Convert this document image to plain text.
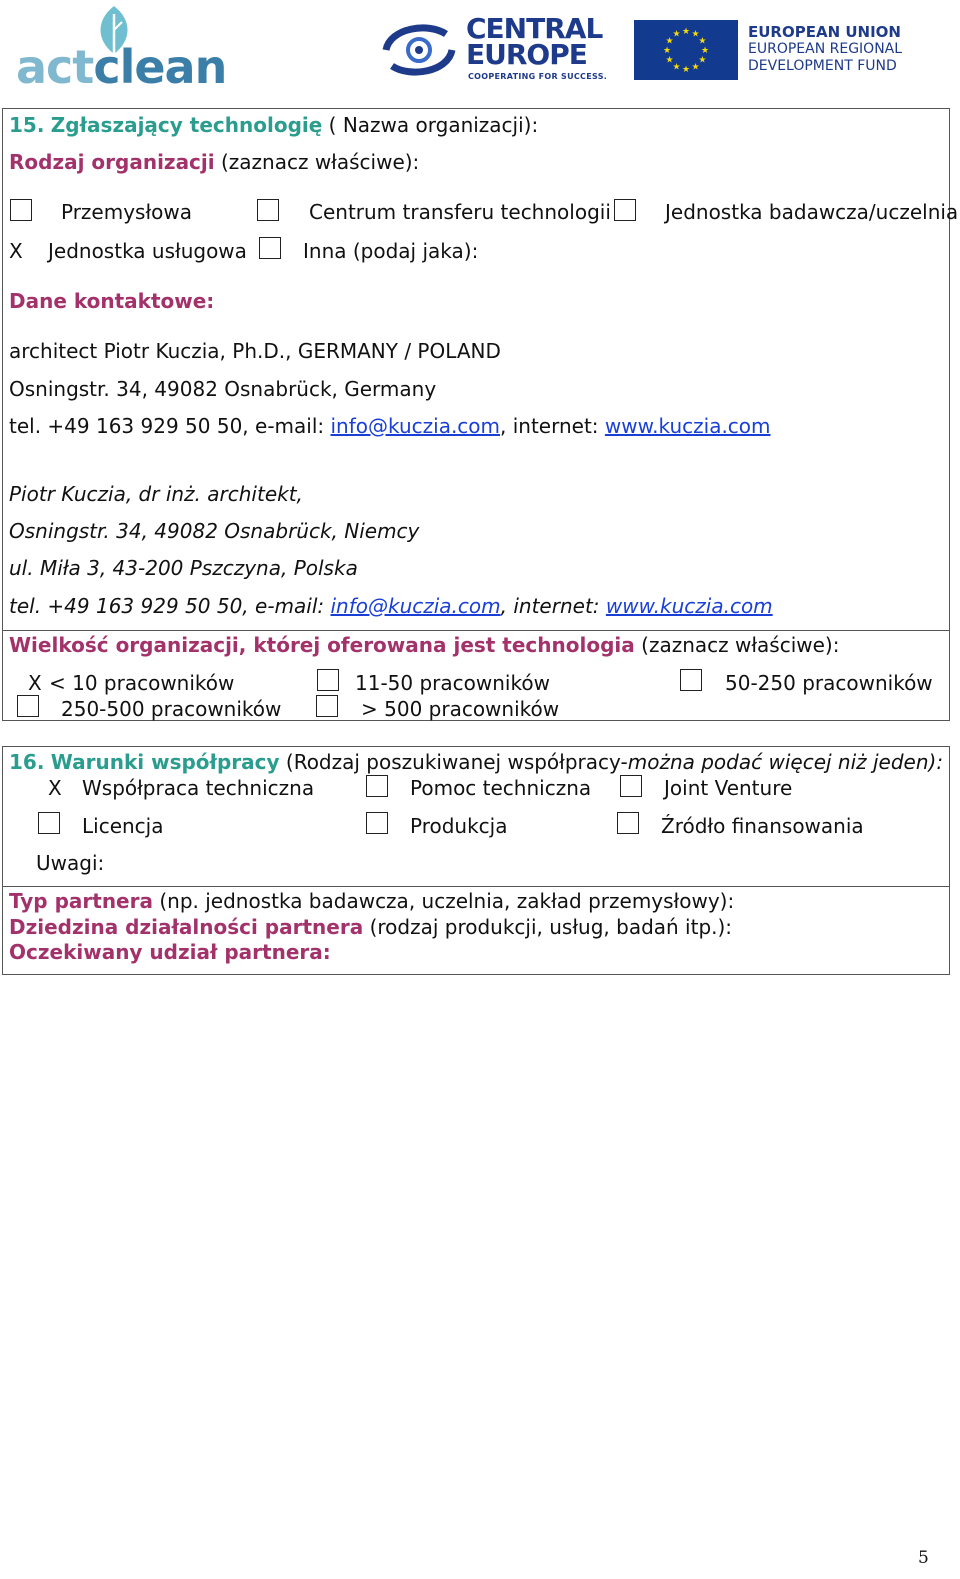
actclean
CENTRAL
EUROPE
COOPERATING FOR SUCCESS.
★
★
★
★
★
★
★
★
★ ★ ★
★
EUROPEAN UNION
EUROPEAN REGIONAL
DEVELOPMENT FUND
15. Zgłaszający technologię ( Nazwa organizacji):
Rodzaj organizacji (zaznacz właściwe):
Przemysłowa	Centrum transferu technologii	Jednostka badawcza/uczelnia
X Jednostka usługowa	Inna (podaj jaka):
Dane kontaktowe:
architect Piotr Kuczia, Ph.D., GERMANY / POLAND
Osningstr. 34, 49082 Osnabrück, Germany
tel. +49 163 929 50 50, e-mail: info@kuczia.com, internet: www.kuczia.com
Piotr Kuczia, dr inż. architekt,
Osningstr. 34, 49082 Osnabrück, Niemcy
ul. Miła 3, 43-200 Pszczyna, Polska
tel. +49 163 929 50 50, e-mail: info@kuczia.com, internet: www.kuczia.com
Wielkość organizacji, której oferowana jest technologia (zaznacz właściwe):
X < 10 pracowników	11-50 pracowników	50-250 pracowników
250-500 pracowników	> 500 pracowników
16. Warunki współpracy (Rodzaj poszukiwanej współpracy-można podać więcej niż jeden):
X Współpraca techniczna	Pomoc techniczna	Joint Venture
Licencja	Produkcja	Źródło finansowania
Uwagi:
Typ partnera (np. jednostka badawcza, uczelnia, zakład przemysłowy):
Dziedzina działalności partnera (rodzaj produkcji, usług, badań itp.):
Oczekiwany udział partnera:
5
